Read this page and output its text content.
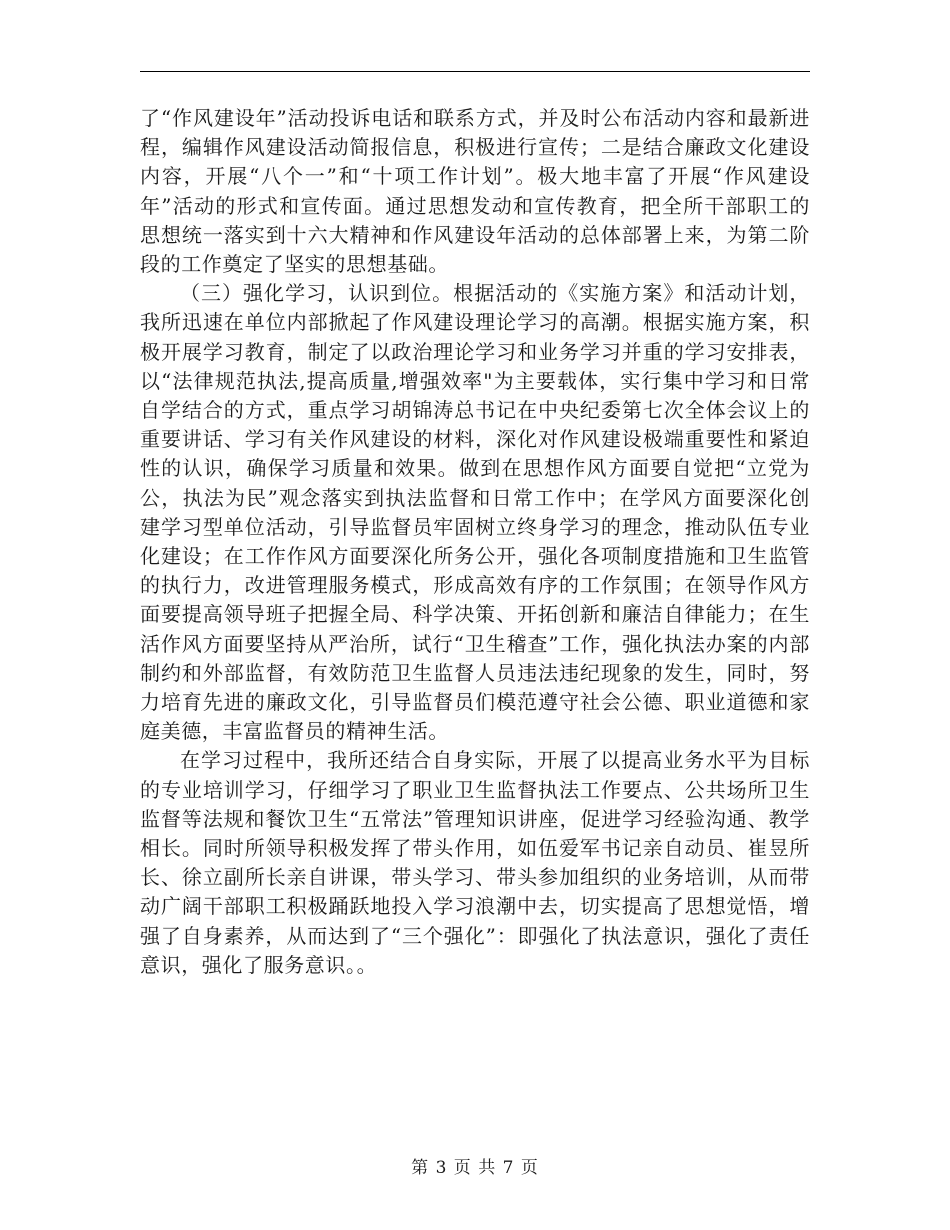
了“作风建设年”活动投诉电话和联系方式，并及时公布活动内容和最新进程，编辑作风建设活动简报信息，积极进行宣传；二是结合廉政文化建设内容，开展“八个一”和“十项工作计划”。极大地丰富了开展“作风建设年”活动的形式和宣传面。通过思想发动和宣传教育，把全所干部职工的思想统一落实到十六大精神和作风建设年活动的总体部署上来，为第二阶段的工作奠定了坚实的思想基础。

（三）强化学习，认识到位。根据活动的《实施方案》和活动计划，我所迅速在单位内部掀起了作风建设理论学习的高潮。根据实施方案，积极开展学习教育，制定了以政治理论学习和业务学习并重的学习安排表，以“法律规范执法,提高质量,增强效率"为主要载体，实行集中学习和日常自学结合的方式，重点学习胡锦涛总书记在中央纪委第七次全体会议上的重要讲话、学习有关作风建设的材料，深化对作风建设极端重要性和紧迫性的认识，确保学习质量和效果。做到在思想作风方面要自觉把“立党为公，执法为民”观念落实到执法监督和日常工作中；在学风方面要深化创建学习型单位活动，引导监督员牢固树立终身学习的理念，推动队伍专业化建设；在工作作风方面要深化所务公开，强化各项制度措施和卫生监管的执行力，改进管理服务模式，形成高效有序的工作氛围；在领导作风方面要提高领导班子把握全局、科学决策、开拓创新和廉洁自律能力；在生活作风方面要坚持从严治所，试行“卫生稽查”工作，强化执法办案的内部制约和外部监督，有效防范卫生监督人员违法违纪现象的发生，同时，努力培育先进的廉政文化，引导监督员们模范遵守社会公德、职业道德和家庭美德，丰富监督员的精神生活。

在学习过程中，我所还结合自身实际，开展了以提高业务水平为目标的专业培训学习，仔细学习了职业卫生监督执法工作要点、公共场所卫生监督等法规和餐饮卫生“五常法”管理知识讲座，促进学习经验沟通、教学相长。同时所领导积极发挥了带头作用，如伍爱军书记亲自动员、崔昱所长、徐立副所长亲自讲课，带头学习、带头参加组织的业务培训，从而带动广阔干部职工积极踊跃地投入学习浪潮中去，切实提高了思想觉悟，增强了自身素养，从而达到了“三个强化”：即强化了执法意识，强化了责任意识，强化了服务意识。。

第 3 页 共 7 页
